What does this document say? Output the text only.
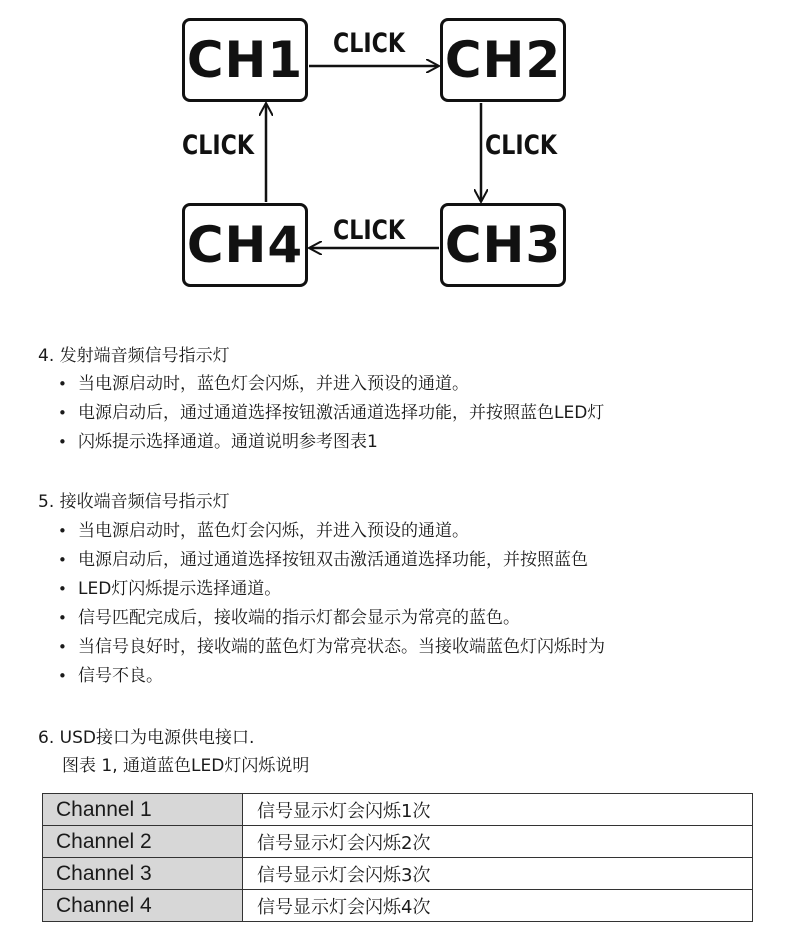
CH1	CH2
CH3
CH4
CLICK
CLICK
CLICK
CLICK
4. 发射端音频信号指示灯
• 当电源启动时，蓝色灯会闪烁，并进入预设的通道。
• 电源启动后，通过通道选择按钮激活通道选择功能，并按照蓝色LED灯
• 闪烁提示选择通道。通道说明参考图表1
5. 接收端音频信号指示灯
• 当电源启动时，蓝色灯会闪烁，并进入预设的通道。
• 电源启动后，通过通道选择按钮双击激活通道选择功能，并按照蓝色
• LED灯闪烁提示选择通道。
• 信号匹配完成后，接收端的指示灯都会显示为常亮的蓝色。
• 当信号良好时，接收端的蓝色灯为常亮状态。当接收端蓝色灯闪烁时为
• 信号不良。
6. USD接口为电源供电接口.
图表 1, 通道蓝色LED灯闪烁说明
Channel 1	信号显示灯会闪烁1次
Channel 2	信号显示灯会闪烁2次
Channel 3	信号显示灯会闪烁3次
Channel 4	信号显示灯会闪烁4次
